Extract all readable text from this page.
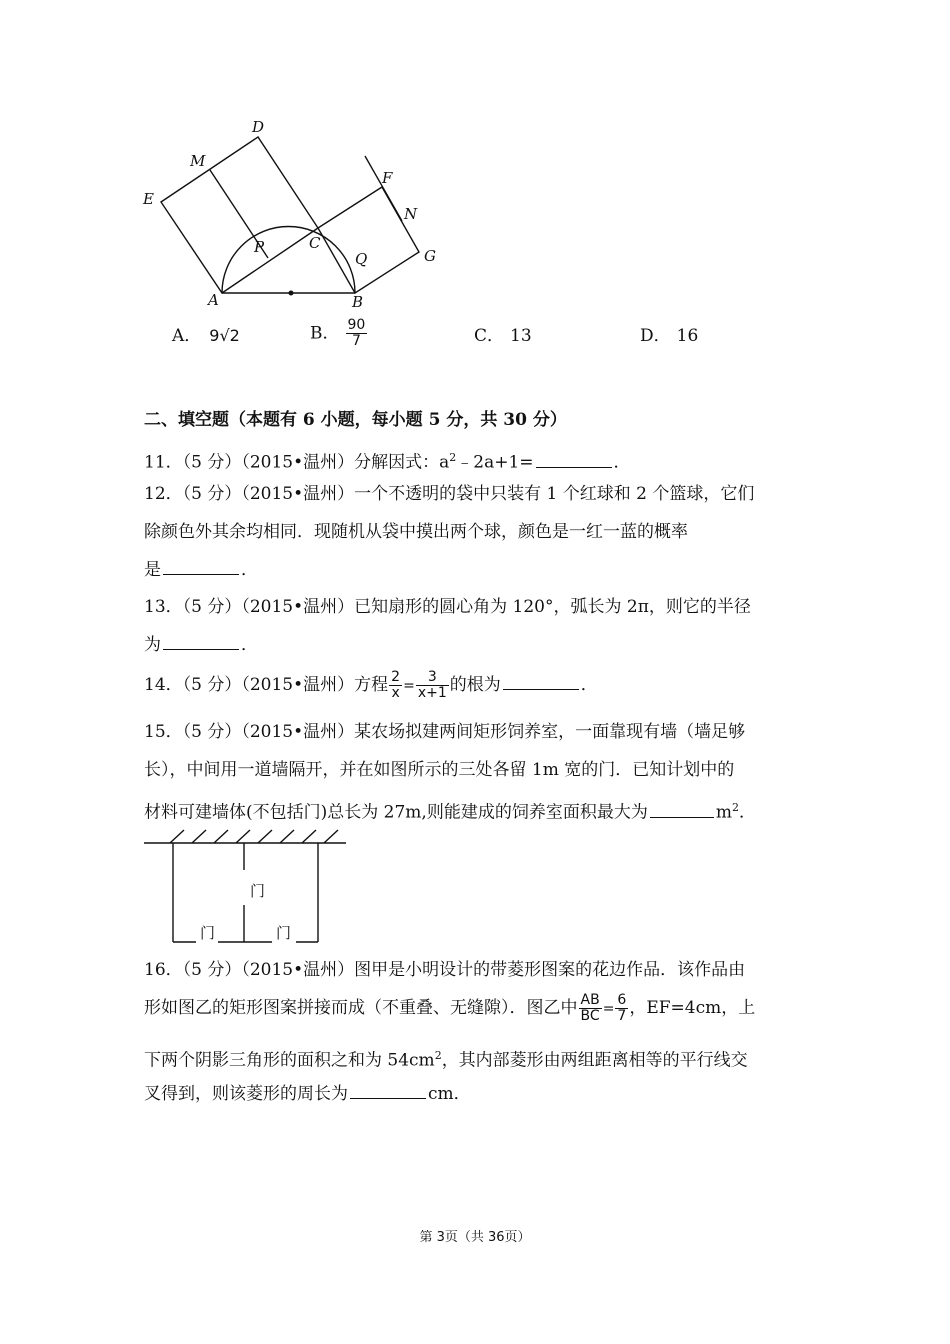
D
M
E
F
N
P	C
Q	G
A	B
A． 9√2	B． $\frac{90}{7}$	C． 13	D． 16
二、填空题（本题有 6 小题，每小题 5 分，共 30 分）
11．（5 分）（2015•温州）分解因式：$a^2﹣2a+1=$	．
12．（5 分）（2015•温州）一个不透明的袋中只装有 1 个红球和 2 个篮球，它们
除颜色外其余均相同．现随机从袋中摸出两个球，颜色是一红一蓝的概率
是	．
13．（5 分）（2015•温州）已知扇形的圆心角为 120°，弧长为 2π，则它的半径
为	．
14．（5 分）（2015•温州）方程 $\frac{2}{x} = \frac{3}{x+1}$ 的根为	．
15．（5 分）（2015•温州）某农场拟建两间矩形饲养室，一面靠现有墙（墙足够
长），中间用一道墙隔开，并在如图所示的三处各留 1m 宽的门．已知计划中的
材料可建墙体(不包括门)总长为 27m,则能建成的饲养室面积最大为	$m^2$．
门
门	门
16．（5 分）（2015•温州）图甲是小明设计的带菱形图案的花边作品．该作品由
形如图乙的矩形图案拼接而成（不重叠、无缝隙）．图乙中 $\frac{AB}{BC} = \frac{6}{7}$ ，EF=4cm，上
下两个阴影三角形的面积之和为 $54cm^2$，其内部菱形由两组距离相等的平行线交
叉得到，则该菱形的周长为	cm．
第 3页（共 36页）
